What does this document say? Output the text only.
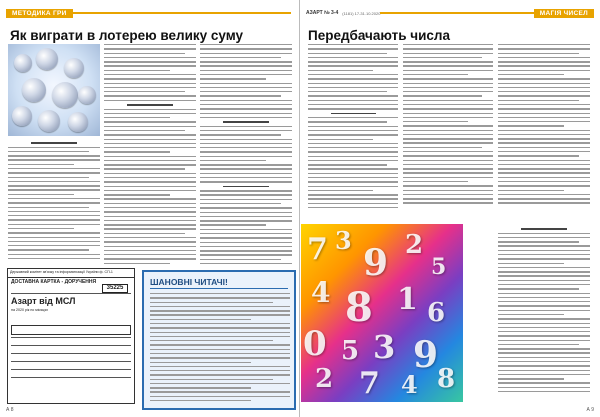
МЕТОДИКА ГРИ
Як виграти в лотерею велику суму
Державний комітет зв'язку та інформатизації України ф. СП-1
ДОСТАВНА КАРТКА - ДОРУЧЕННЯ
35225
Азарт від МСЛ
на 2020 рік по місяцях
ШАНОВНІ ЧИТАЧІ!
А 8
АЗАРТ № 3-4	(1181) 17-31.10.2020	МАГІЯ ЧИСЕЛ
Передбачають числа
А 9
7 3
9 2
5
4 8 1 6
0 5 3 9
2 7 4 8
